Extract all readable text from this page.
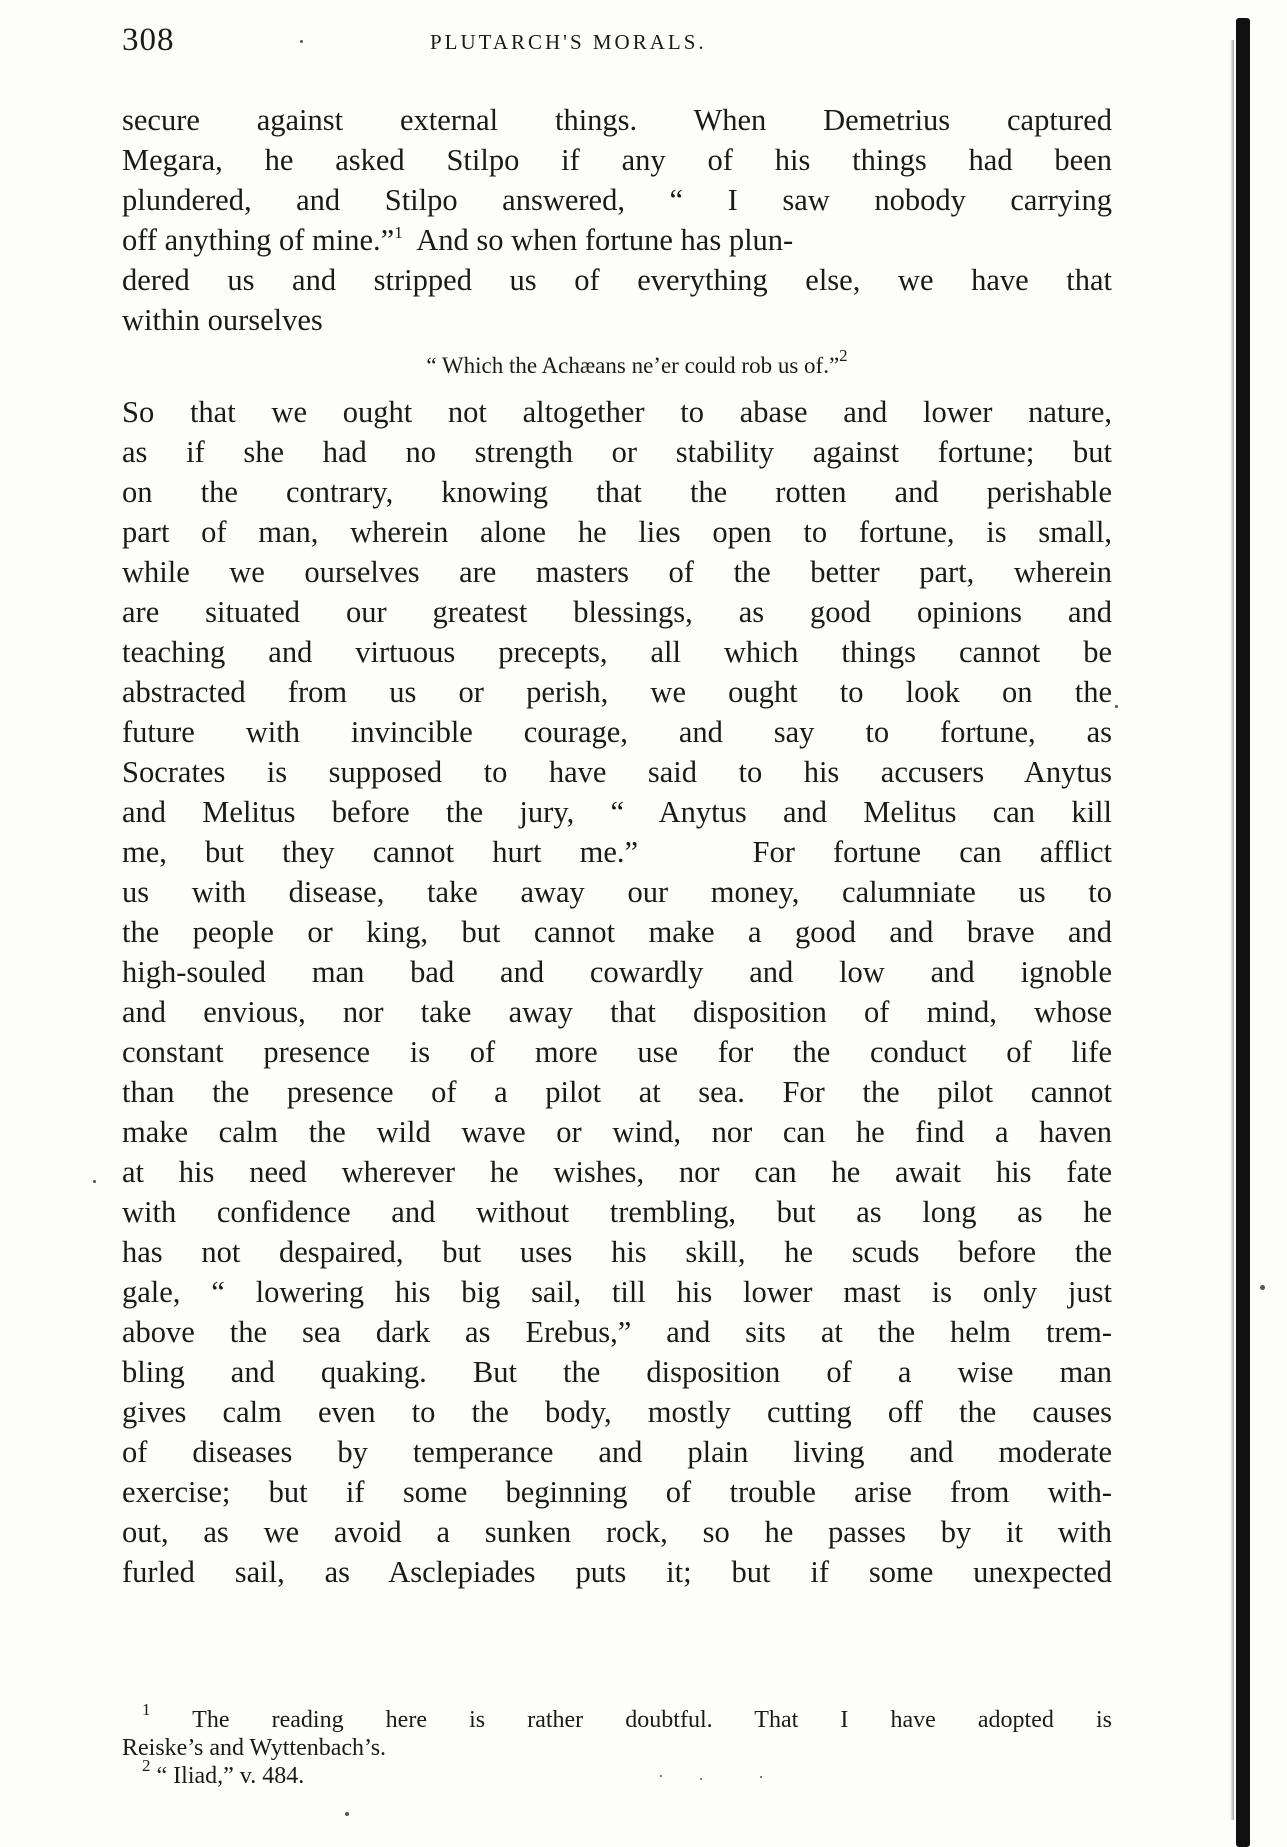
308	PLUTARCH'S MORALS.
secure against external things. When Demetrius captured
Megara, he asked Stilpo if any of his things had been
plundered, and Stilpo answered, “ I saw nobody carrying
off anything of mine.”$^1$  And so when fortune has plun-
dered us and stripped us of everything else, we have that
within ourselves
“ Which the Achæans ne’er could rob us of.”$^2$
So that we ought not altogether to abase and lower nature,
as if she had no strength or stability against fortune; but
on the contrary, knowing that the rotten and perishable
part of man, wherein alone he lies open to fortune, is small,
while we ourselves are masters of the better part, wherein
are situated our greatest blessings, as good opinions and
teaching and virtuous precepts, all which things cannot be
abstracted from us or perish, we ought to look on the
future with invincible courage, and say to fortune, as
Socrates is supposed to have said to his accusers Anytus
and Melitus before the jury, “ Anytus and Melitus can kill
me, but they cannot hurt me.”   For fortune can afflict
us with disease, take away our money, calumniate us to
the people or king, but cannot make a good and brave and
high-souled man bad and cowardly and low and ignoble
and envious, nor take away that disposition of mind, whose
constant presence is of more use for the conduct of life
than the presence of a pilot at sea. For the pilot cannot
make calm the wild wave or wind, nor can he find a haven
at his need wherever he wishes, nor can he await his fate
with confidence and without trembling, but as long as he
has not despaired, but uses his skill, he scuds before the
gale, “ lowering his big sail, till his lower mast is only just
above the sea dark as Erebus,” and sits at the helm trem-
bling and quaking. But the disposition of a wise man
gives calm even to the body, mostly cutting off the causes
of diseases by temperance and plain living and moderate
exercise; but if some beginning of trouble arise from with-
out, as we avoid a sunken rock, so he passes by it with
furled sail, as Asclepiades puts it; but if some unexpected
$^1$ The reading here is rather doubtful. That I have adopted is
Reiske’s and Wyttenbach’s.
$^2$ “ Iliad,” v. 484.
